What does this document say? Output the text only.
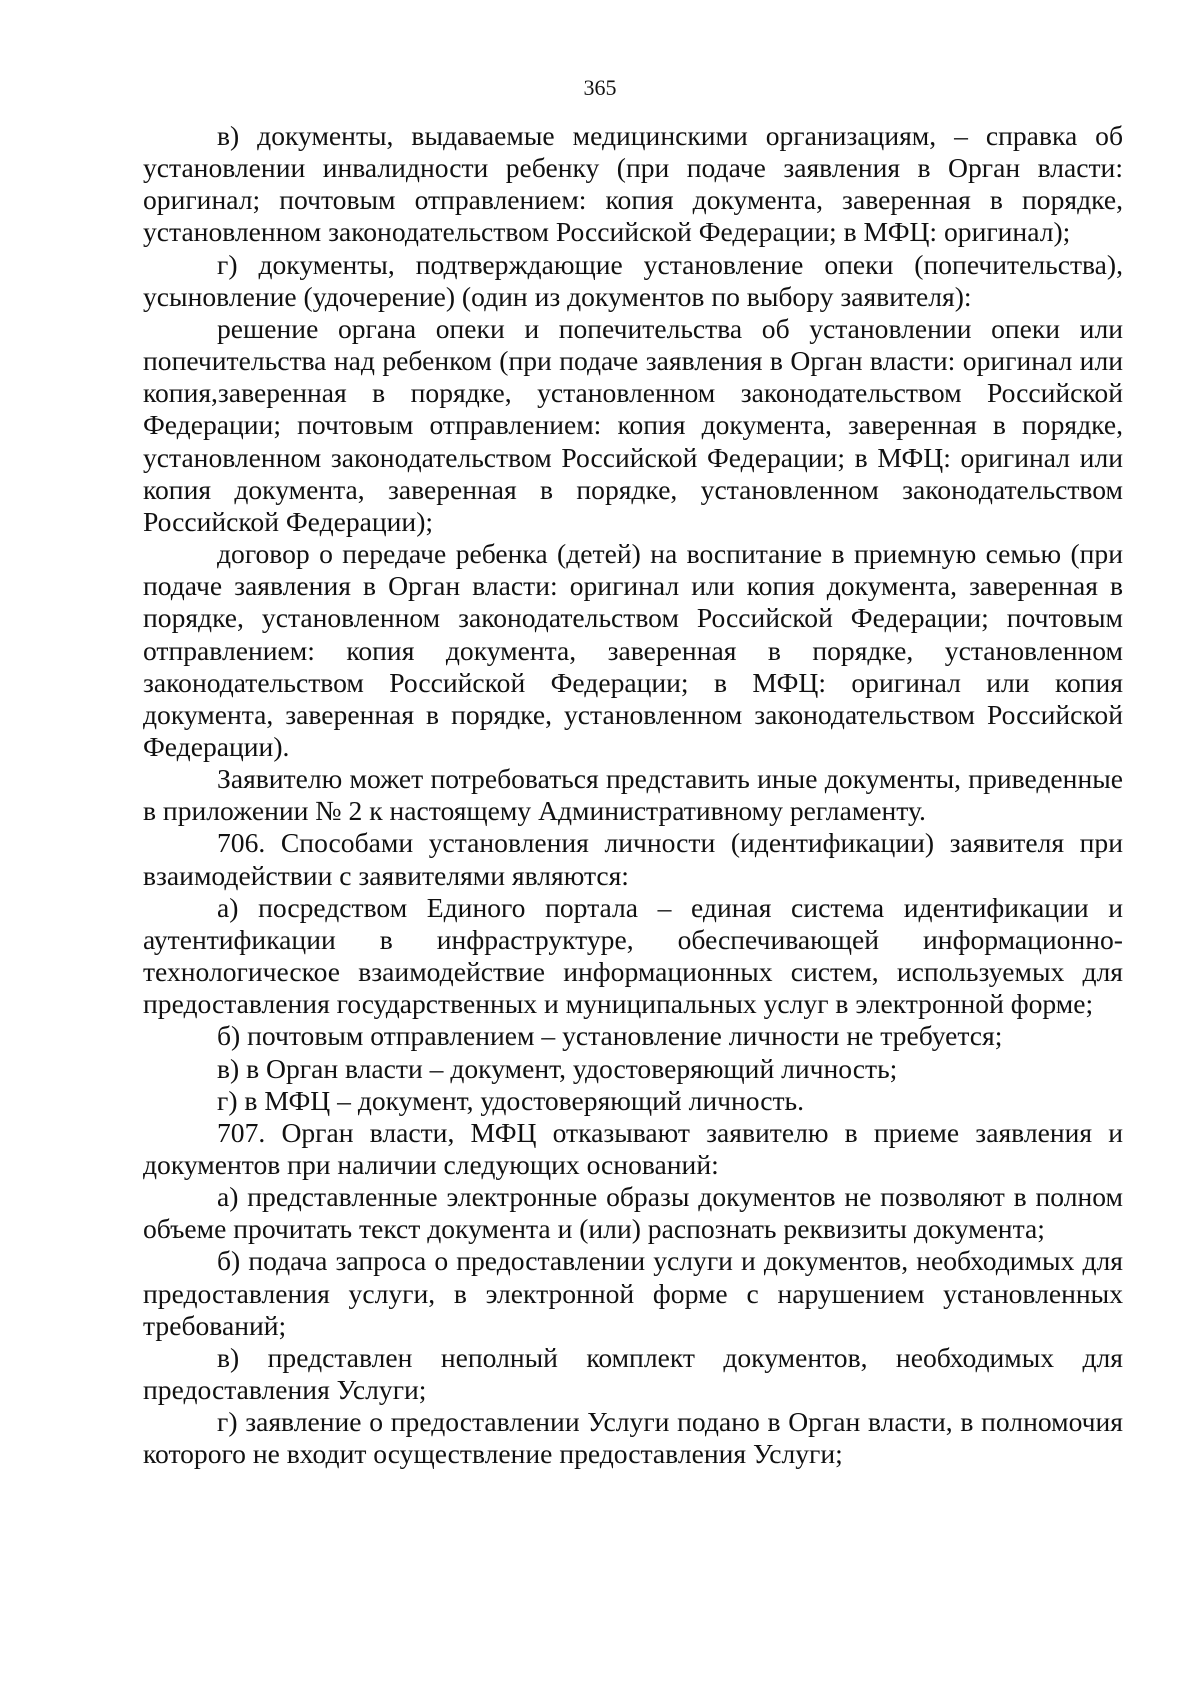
365

в) документы, выдаваемые медицинскими организациям, – справка об установлении инвалидности ребенку (при подаче заявления в Орган власти: оригинал; почтовым отправлением: копия документа, заверенная в порядке, установленном законодательством Российской Федерации; в МФЦ: оригинал);

г) документы, подтверждающие установление опеки (попечительства), усыновление (удочерение) (один из документов по выбору заявителя):

решение органа опеки и попечительства об установлении опеки или попечительства над ребенком (при подаче заявления в Орган власти: оригинал или копия,заверенная в порядке, установленном законодательством Российской Федерации; почтовым отправлением: копия документа, заверенная в порядке, установленном законодательством Российской Федерации; в МФЦ: оригинал или копия документа, заверенная в порядке, установленном законодательством Российской Федерации);

договор о передаче ребенка (детей) на воспитание в приемную семью (при подаче заявления в Орган власти: оригинал или копия документа, заверенная в порядке, установленном законодательством Российской Федерации; почтовым отправлением: копия документа, заверенная в порядке, установленном законодательством Российской Федерации; в МФЦ: оригинал или копия документа, заверенная в порядке, установленном законодательством Российской Федерации).

Заявителю может потребоваться представить иные документы, приведенные в приложении № 2 к настоящему Административному регламенту.

706. Способами установления личности (идентификации) заявителя при взаимодействии с заявителями являются:

а) посредством Единого портала – единая система идентификации и аутентификации в инфраструктуре, обеспечивающей информационно-технологическое взаимодействие информационных систем, используемых для предоставления государственных и муниципальных услуг в электронной форме;

б) почтовым отправлением – установление личности не требуется;

в) в Орган власти – документ, удостоверяющий личность;

г) в МФЦ – документ, удостоверяющий личность.

707. Орган власти, МФЦ отказывают заявителю в приеме заявления и документов при наличии следующих оснований:

а) представленные электронные образы документов не позволяют в полном объеме прочитать текст документа и (или) распознать реквизиты документа;

б) подача запроса о предоставлении услуги и документов, необходимых для предоставления услуги, в электронной форме с нарушением установленных требований;

в) представлен неполный комплект документов, необходимых для предоставления Услуги;

г) заявление о предоставлении Услуги подано в Орган власти, в полномочия которого не входит осуществление предоставления Услуги;
